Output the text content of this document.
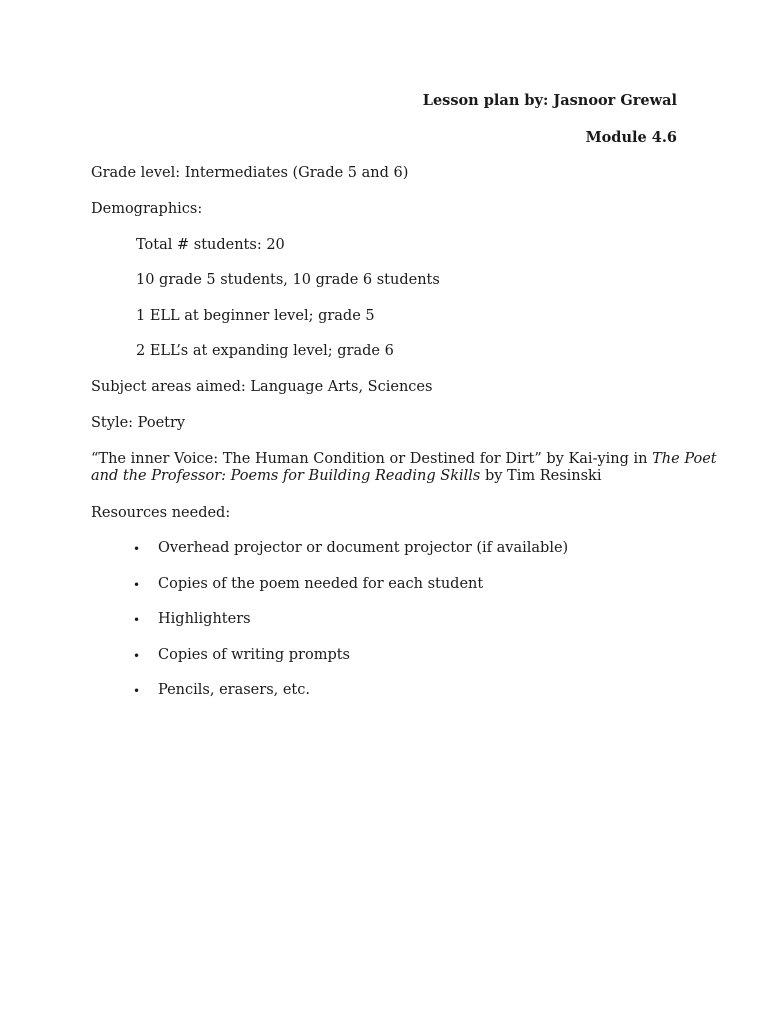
Lesson plan by: Jasnoor Grewal
Module 4.6
Grade level: Intermediates (Grade 5 and 6)
Demographics:
Total # students: 20
10 grade 5 students, 10 grade 6 students
1 ELL at beginner level; grade 5
2 ELL’s at expanding level; grade 6
Subject areas aimed: Language Arts, Sciences
Style: Poetry
“The inner Voice: The Human Condition or Destined for Dirt” by Kai-ying in The Poet
and the Professor: Poems for Building Reading Skills by Tim Resinski
Resources needed:
• Overhead projector or document projector (if available)
• Copies of the poem needed for each student
• Highlighters
• Copies of writing prompts
• Pencils, erasers, etc.
